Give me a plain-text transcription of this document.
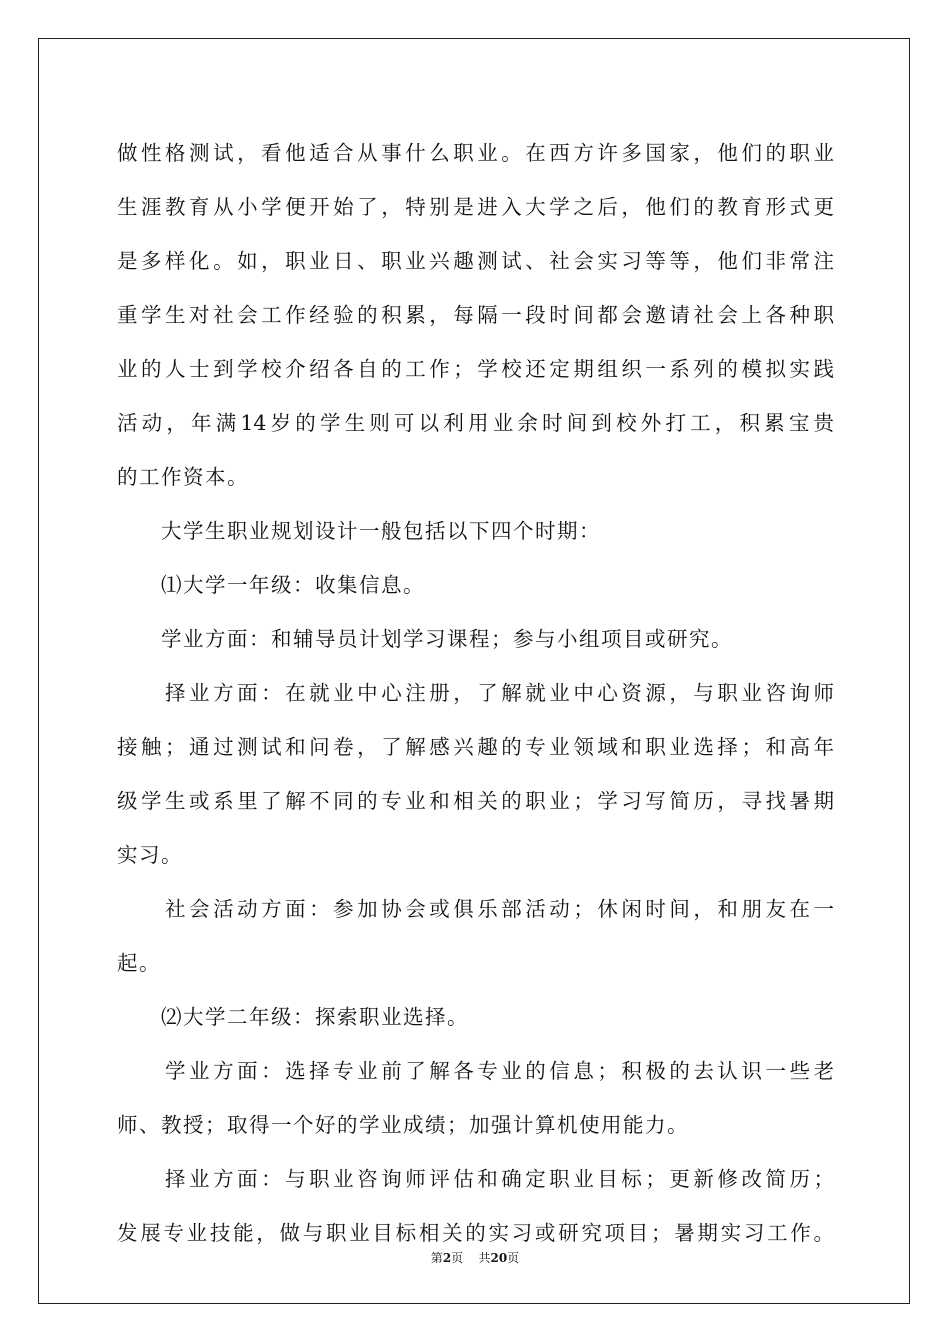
做性格测试，看他适合从事什么职业。在西方许多国家，他们的职业
生涯教育从小学便开始了，特别是进入大学之后，他们的教育形式更
是多样化。如，职业日、职业兴趣测试、社会实习等等，他们非常注
重学生对社会工作经验的积累，每隔一段时间都会邀请社会上各种职
业的人士到学校介绍各自的工作；学校还定期组织一系列的模拟实践
活动，年满14岁的学生则可以利用业余时间到校外打工，积累宝贵
的工作资本。
　　大学生职业规划设计一般包括以下四个时期：
　　⑴大学一年级：收集信息。
　　学业方面：和辅导员计划学习课程；参与小组项目或研究。
　　择业方面：在就业中心注册，了解就业中心资源，与职业咨询师
接触；通过测试和问卷，了解感兴趣的专业领域和职业选择；和高年
级学生或系里了解不同的专业和相关的职业；学习写简历，寻找暑期
实习。
　　社会活动方面：参加协会或俱乐部活动；休闲时间，和朋友在一
起。
　　⑵大学二年级：探索职业选择。
　　学业方面：选择专业前了解各专业的信息；积极的去认识一些老
师、教授；取得一个好的学业成绩；加强计算机使用能力。
　　择业方面：与职业咨询师评估和确定职业目标；更新修改简历；
发展专业技能，做与职业目标相关的实习或研究项目；暑期实习工作。
第2页 共20页
